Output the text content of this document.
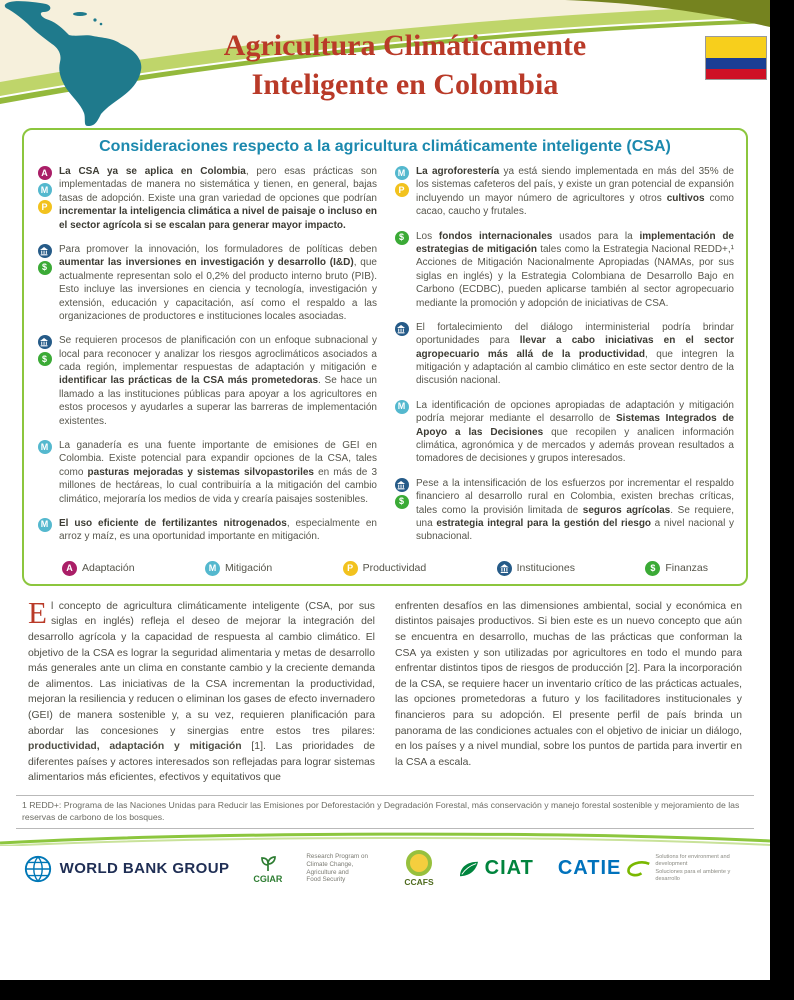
Agricultura Climáticamente
Inteligente en Colombia
Consideraciones respecto a la agricultura climáticamente inteligente (CSA)
A
M
P
La CSA ya se aplica en Colombia, pero esas prácticas son implementadas de manera no sistemática y tienen, en general, bajas tasas de adopción. Existe una gran variedad de opciones que podrían incrementar la inteligencia climática a nivel de paisaje o incluso en el sector agrícola si se escalan para generar mayor impacto.
$
Para promover la innovación, los formuladores de políticas deben aumentar las inversiones en investigación y desarrollo (I&D), que actualmente representan solo el 0,2% del producto interno bruto (PIB). Esto incluye las inversiones en ciencia y tecnología, investigación y extensión, educación y capacitación, así como el respaldo a las organizaciones de productores e instituciones locales asociadas.
$
Se requieren procesos de planificación con un enfoque subnacional y local para reconocer y analizar los riesgos agroclimáticos asociados a cada región, implementar respuestas de adaptación y mitigación e identificar las prácticas de la CSA más prometedoras. Se hace un llamado a las instituciones públicas para apoyar a los agricultores en estos procesos y ayudarles a superar las barreras de implementación existentes.
M	La ganadería es una fuente importante de emisiones de GEI en Colombia. Existe potencial para expandir opciones de la CSA, tales como pasturas mejoradas y sistemas silvopastoriles en más de 3 millones de hectáreas, lo cual contribuiría a la mitigación del cambio climático, mejoraría los medios de vida y crearía paisajes sostenibles.
M	El uso eficiente de fertilizantes nitrogenados, especialmente en arroz y maíz, es una oportunidad importante en mitigación.
M
P
La agroforestería ya está siendo implementada en más del 35% de los sistemas cafeteros del país, y existe un gran potencial de expansión incluyendo un mayor número de agricultores y otros cultivos como cacao, caucho y frutales.
$	Los fondos internacionales usados para la implementación de estrategias de mitigación tales como la Estrategia Nacional REDD+,¹ Acciones de Mitigación Nacionalmente Apropiadas (NAMAs, por sus siglas en inglés) y la Estrategia Colombiana de Desarrollo Bajo en Carbono (ECDBC), pueden aplicarse también al sector agropecuario mediante la promoción y adopción de iniciativas de CSA.
El fortalecimiento del diálogo interministerial podría brindar oportunidades para llevar a cabo iniciativas en el sector agropecuario más allá de la productividad, que integren la mitigación y adaptación al cambio climático en este sector dentro de la discusión nacional.
M	La identificación de opciones apropiadas de adaptación y mitigación podría mejorar mediante el desarrollo de Sistemas Integrados de Apoyo a las Decisiones que recopilen y analicen información climática, agronómica y de mercados y además provean resultados a tomadores de decisiones y grupos interesados.
$
Pese a la intensificación de los esfuerzos por incrementar el respaldo financiero al desarrollo rural en Colombia, existen brechas críticas, tales como la provisión limitada de seguros agrícolas. Se requiere, una estrategia integral para la gestión del riesgo a nivel nacional y subnacional.
A Adaptación	M Mitigación	P Productividad	Instituciones	$ Finanzas
El concepto de agricultura climáticamente inteligente (CSA, por sus siglas en inglés) refleja el deseo de mejorar la integración del desarrollo agrícola y la capacidad de respuesta al cambio climático. El objetivo de la CSA es lograr la seguridad alimentaria y metas de desarrollo más generales ante un clima en constante cambio y la creciente demanda de alimentos. Las iniciativas de la CSA incrementan la productividad, mejoran la resiliencia y reducen o eliminan los gases de efecto invernadero (GEI) de manera sostenible y, a su vez, requieren planificación para abordar las concesiones y sinergias entre estos tres pilares: productividad, adaptación y mitigación [1]. Las prioridades de diferentes países y actores interesados son reflejadas para lograr sistemas alimentarios más eficientes, efectivos y equitativos que
enfrenten desafíos en las dimensiones ambiental, social y económica en distintos paisajes productivos. Si bien este es un nuevo concepto que aún se encuentra en desarrollo, muchas de las prácticas que conforman la CSA ya existen y son utilizadas por agricultores en todo el mundo para enfrentar distintos tipos de riesgos de producción [2]. Para la incorporación de la CSA, se requiere hacer un inventario crítico de las prácticas actuales, las opciones prometedoras a futuro y los facilitadores institucionales y financieros para su adopción. El presente perfil de país brinda un panorama de las condiciones actuales con el objetivo de iniciar un diálogo, en los países y a nivel mundial, sobre los puntos de partida para invertir en la CSA a escala.
1 REDD+: Programa de las Naciones Unidas para Reducir las Emisiones por Deforestación y Degradación Forestal, más conservación y manejo forestal sostenible y mejoramiento de las reservas de carbono de los bosques.
WORLD BANK GROUP
CGIAR
Research Program on
Climate Change,
Agriculture and
Food Security	CCAFS
CIAT CATIE
Solutions for environment and development
Soluciones para el ambiente y desarrollo
